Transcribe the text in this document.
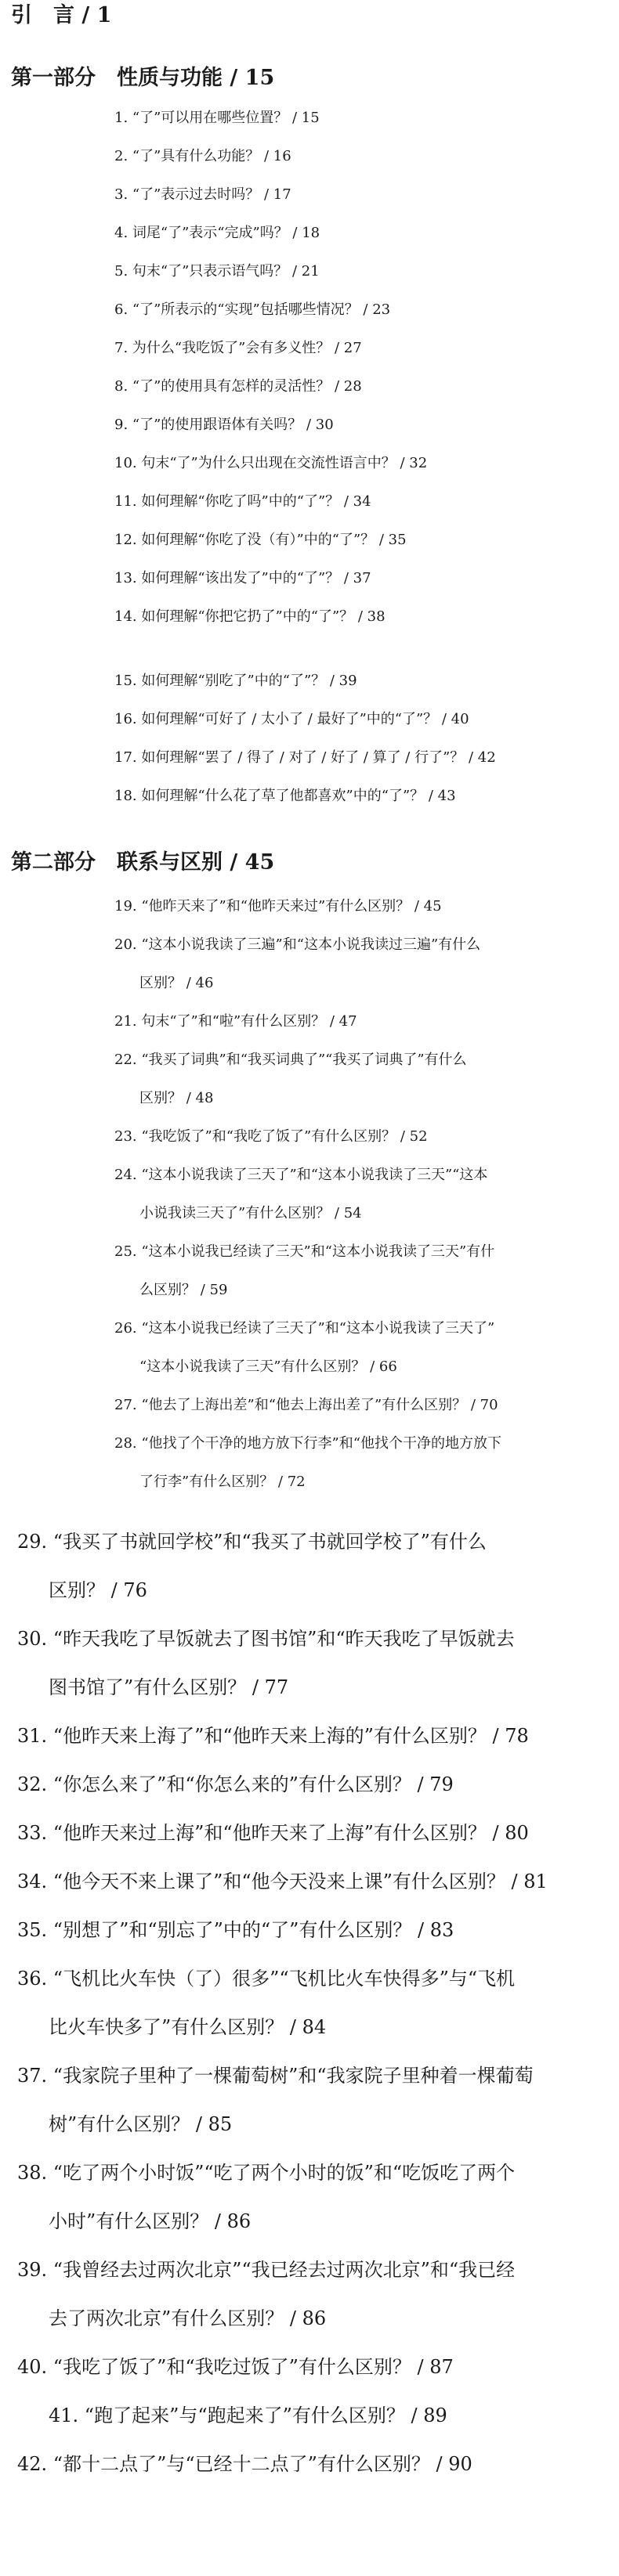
引　言 / 1
第一部分　性质与功能 / 15
1. “了”可以用在哪些位置？ / 15
2. “了”具有什么功能？ / 16
3. “了”表示过去时吗？ / 17
4. 词尾“了”表示“完成”吗？ / 18
5. 句末“了”只表示语气吗？ / 21
6. “了”所表示的“实现”包括哪些情况？ / 23
7. 为什么“我吃饭了”会有多义性？ / 27
8. “了”的使用具有怎样的灵活性？ / 28
9. “了”的使用跟语体有关吗？ / 30
10. 句末“了”为什么只出现在交流性语言中？ / 32
11. 如何理解“你吃了吗”中的“了”？ / 34
12. 如何理解“你吃了没（有）”中的“了”？ / 35
13. 如何理解“该出发了”中的“了”？ / 37
14. 如何理解“你把它扔了”中的“了”？ / 38
15. 如何理解“别吃了”中的“了”？ / 39
16. 如何理解“可好了 / 太小了 / 最好了”中的“了”？ / 40
17. 如何理解“罢了 / 得了 / 对了 / 好了 / 算了 / 行了”？ / 42
18. 如何理解“什么花了草了他都喜欢”中的“了”？ / 43
第二部分　联系与区别 / 45
19. “他昨天来了”和“他昨天来过”有什么区别？ / 45
20. “这本小说我读了三遍”和“这本小说我读过三遍”有什么
区别？ / 46
21. 句末“了”和“啦”有什么区别？ / 47
22. “我买了词典”和“我买词典了”“我买了词典了”有什么
区别？ / 48
23. “我吃饭了”和“我吃了饭了”有什么区别？ / 52
24. “这本小说我读了三天了”和“这本小说我读了三天”“这本
小说我读三天了”有什么区别？ / 54
25. “这本小说我已经读了三天”和“这本小说我读了三天”有什
么区别？ / 59
26. “这本小说我已经读了三天了”和“这本小说我读了三天了”
“这本小说我读了三天”有什么区别？ / 66
27. “他去了上海出差”和“他去上海出差了”有什么区别？ / 70
28. “他找了个干净的地方放下行李”和“他找个干净的地方放下
了行李”有什么区别？ / 72
29. “我买了书就回学校”和“我买了书就回学校了”有什么
区别？ / 76
30. “昨天我吃了早饭就去了图书馆”和“昨天我吃了早饭就去
图书馆了”有什么区别？ / 77
31. “他昨天来上海了”和“他昨天来上海的”有什么区别？ / 78
32. “你怎么来了”和“你怎么来的”有什么区别？ / 79
33. “他昨天来过上海”和“他昨天来了上海”有什么区别？ / 80
34. “他今天不来上课了”和“他今天没来上课”有什么区别？ / 81
35. “别想了”和“别忘了”中的“了”有什么区别？ / 83
36. “飞机比火车快（了）很多”“飞机比火车快得多”与“飞机
比火车快多了”有什么区别？ / 84
37. “我家院子里种了一棵葡萄树”和“我家院子里种着一棵葡萄
树”有什么区别？ / 85
38. “吃了两个小时饭”“吃了两个小时的饭”和“吃饭吃了两个
小时”有什么区别？ / 86
39. “我曾经去过两次北京”“我已经去过两次北京”和“我已经
去了两次北京”有什么区别？ / 86
40. “我吃了饭了”和“我吃过饭了”有什么区别？ / 87
41. “跑了起来”与“跑起来了”有什么区别？ / 89
42. “都十二点了”与“已经十二点了”有什么区别？ / 90
